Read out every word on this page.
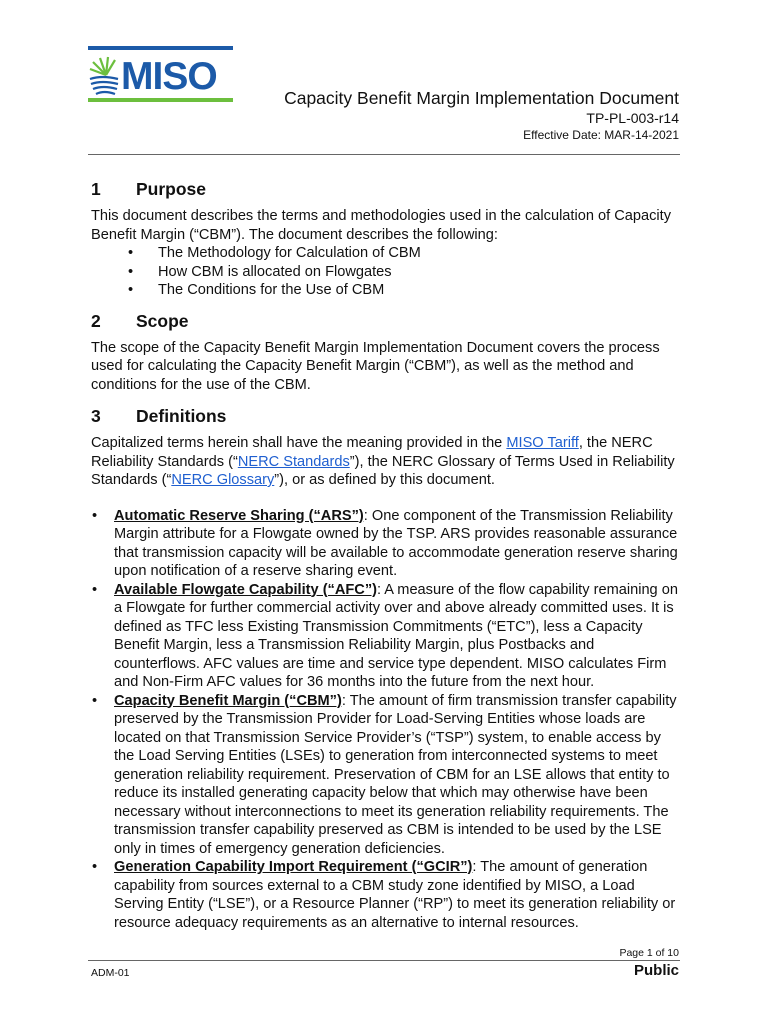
MISO	Capacity Benefit Margin Implementation Document
TP-PL-003-r14
Effective Date: MAR-14-2021
1	Purpose

This document describes the terms and methodologies used in the calculation of Capacity Benefit Margin (“CBM”). The document describes the following:

• The Methodology for Calculation of CBM
• How CBM is allocated on Flowgates
• The Conditions for the Use of CBM
2	Scope

The scope of the Capacity Benefit Margin Implementation Document covers the process used for calculating the Capacity Benefit Margin (“CBM”), as well as the method and conditions for the use of the CBM.

3	Definitions

Capitalized terms herein shall have the meaning provided in the MISO Tariff, the NERC Reliability Standards (“NERC Standards”), the NERC Glossary of Terms Used in Reliability Standards (“NERC Glossary”), or as defined by this document.

• Automatic Reserve Sharing (“ARS”): One component of the Transmission Reliability Margin attribute for a Flowgate owned by the TSP. ARS provides reasonable assurance that transmission capacity will be available to accommodate generation reserve sharing upon notification of a reserve sharing event.
• Available Flowgate Capability (“AFC”): A measure of the flow capability remaining on a Flowgate for further commercial activity over and above already committed uses. It is defined as TFC less Existing Transmission Commitments (“ETC”), less a Capacity Benefit Margin, less a Transmission Reliability Margin, plus Postbacks and counterflows. AFC values are time and service type dependent. MISO calculates Firm and Non-Firm AFC values for 36 months into the future from the next hour.
• Capacity Benefit Margin (“CBM”): The amount of firm transmission transfer capability preserved by the Transmission Provider for Load-Serving Entities whose loads are located on that Transmission Service Provider’s (“TSP”) system, to enable access by the Load Serving Entities (LSEs) to generation from interconnected systems to meet generation reliability requirement. Preservation of CBM for an LSE allows that entity to reduce its installed generating capacity below that which may otherwise have been necessary without interconnections to meet its generation reliability requirements. The transmission transfer capability preserved as CBM is intended to be used by the LSE only in times of emergency generation deficiencies.
• Generation Capability Import Requirement (“GCIR”): The amount of generation capability from sources external to a CBM study zone identified by MISO, a Load Serving Entity (“LSE”), or a Resource Planner (“RP”) to meet its generation reliability or resource adequacy requirements as an alternative to internal resources.
Page 1 of 10
ADM-01	Public
